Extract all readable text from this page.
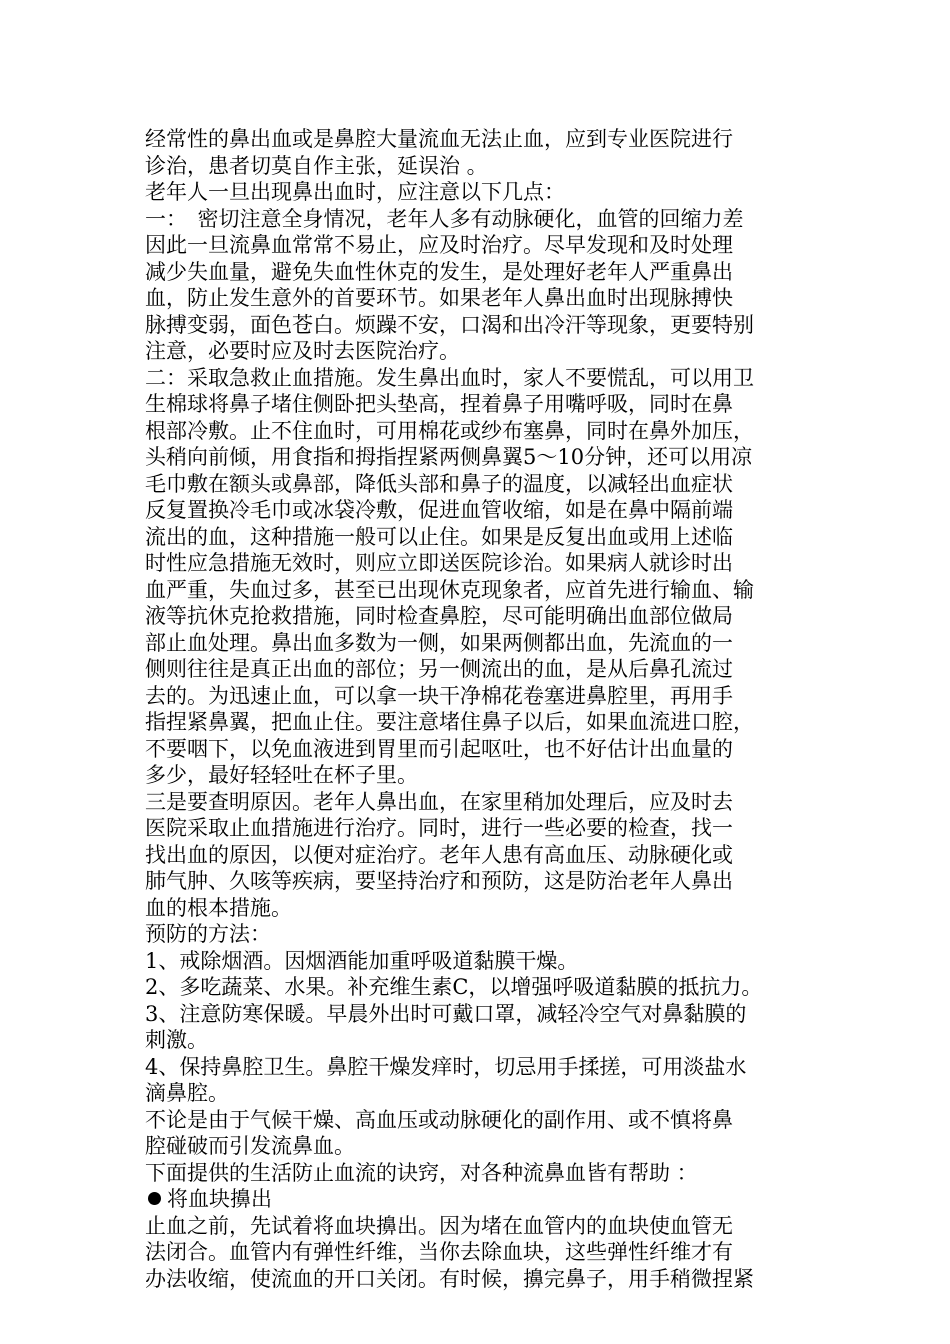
经常性的鼻出血或是鼻腔大量流血无法止血，应到专业医院进行
诊治，患者切莫自作主张，延误治 。
老年人一旦出现鼻出血时，应注意以下几点：
一：　密切注意全身情况，老年人多有动脉硬化，血管的回缩力差
因此一旦流鼻血常常不易止，应及时治疗。尽早发现和及时处理
减少失血量，避免失血性休克的发生，是处理好老年人严重鼻出
血，防止发生意外的首要环节。如果老年人鼻出血时出现脉搏快
脉搏变弱，面色苍白。烦躁不安，口渴和出冷汗等现象，更要特别
注意，必要时应及时去医院治疗。
二：采取急救止血措施。发生鼻出血时，家人不要慌乱，可以用卫
生棉球将鼻子堵住侧卧把头垫高，捏着鼻子用嘴呼吸，同时在鼻
根部冷敷。止不住血时，可用棉花或纱布塞鼻，同时在鼻外加压，
头稍向前倾，用食指和拇指捏紧两侧鼻翼5～10分钟，还可以用凉
毛巾敷在额头或鼻部，降低头部和鼻子的温度，以减轻出血症状
反复置换冷毛巾或冰袋冷敷，促进血管收缩，如是在鼻中隔前端
流出的血，这种措施一般可以止住。如果是反复出血或用上述临
时性应急措施无效时，则应立即送医院诊治。如果病人就诊时出
血严重，失血过多，甚至已出现休克现象者，应首先进行输血、输
液等抗休克抢救措施，同时检查鼻腔，尽可能明确出血部位做局
部止血处理。鼻出血多数为一侧，如果两侧都出血，先流血的一
侧则往往是真正出血的部位；另一侧流出的血，是从后鼻孔流过
去的。为迅速止血，可以拿一块干净棉花卷塞进鼻腔里，再用手
指捏紧鼻翼，把血止住。要注意堵住鼻子以后，如果血流进口腔，
不要咽下，以免血液进到胃里而引起呕吐，也不好估计出血量的
多少，最好轻轻吐在杯子里。
三是要查明原因。老年人鼻出血，在家里稍加处理后，应及时去
医院采取止血措施进行治疗。同时，进行一些必要的检查，找一
找出血的原因，以便对症治疗。老年人患有高血压、动脉硬化或
肺气肿、久咳等疾病，要坚持治疗和预防，这是防治老年人鼻出
血的根本措施。
预防的方法：
1、戒除烟酒。因烟酒能加重呼吸道黏膜干燥。
2、多吃蔬菜、水果。补充维生素C，以增强呼吸道黏膜的抵抗力。
3、注意防寒保暖。早晨外出时可戴口罩，减轻冷空气对鼻黏膜的
刺激。
4、保持鼻腔卫生。鼻腔干燥发痒时，切忌用手揉搓，可用淡盐水
滴鼻腔。
不论是由于气候干燥、高血压或动脉硬化的副作用、或不慎将鼻
腔碰破而引发流鼻血。
下面提供的生活防止血流的诀窍，对各种流鼻血皆有帮助 ：
将血块擤出
止血之前，先试着将血块擤出。因为堵在血管内的血块使血管无
法闭合。血管内有弹性纤维，当你去除血块，这些弹性纤维才有
办法收缩，使流血的开口关闭。有时候，擤完鼻子，用手稍微捏紧
